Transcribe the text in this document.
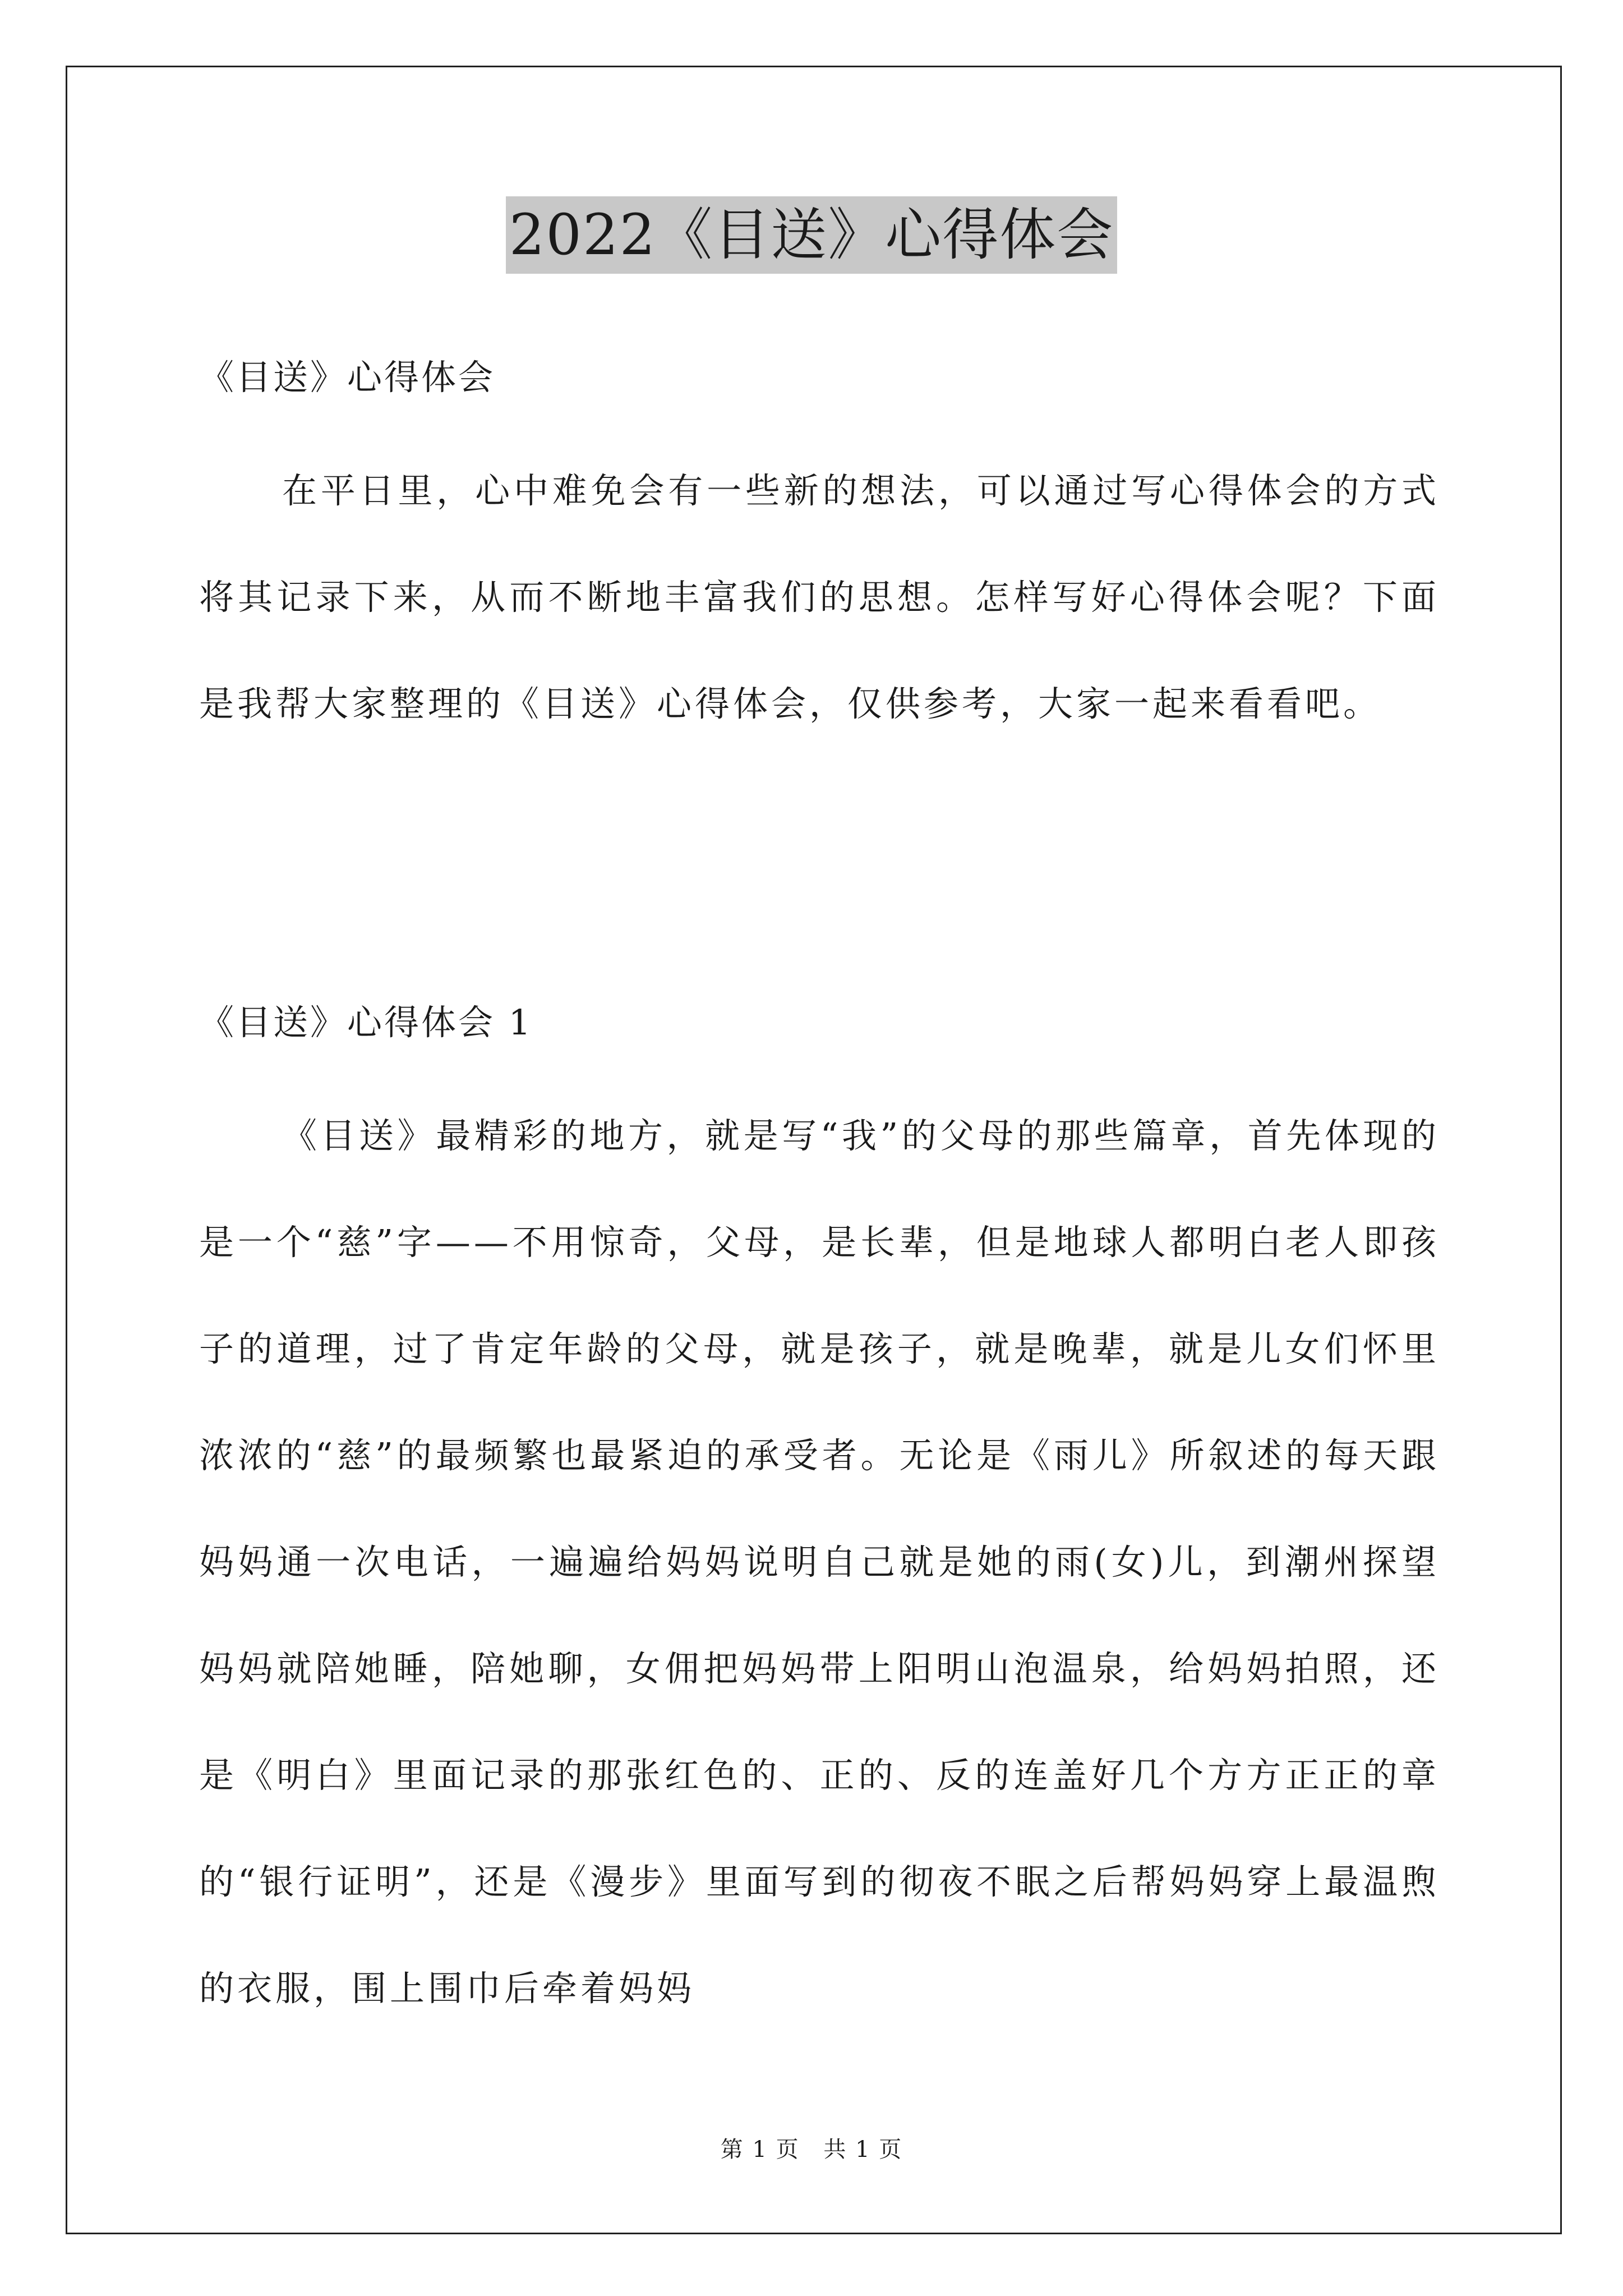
2022《目送》心得体会
《目送》心得体会
在平日里，心中难免会有一些新的想法，可以通过写心得体会的方式将其记录下来，从而不断地丰富我们的思想。怎样写好心得体会呢？下面是我帮大家整理的《目送》心得体会，仅供参考，大家一起来看看吧。
《目送》心得体会 1
《目送》最精彩的地方，就是写“我”的父母的那些篇章，首先体现的是一个“慈”字——不用惊奇，父母，是长辈，但是地球人都明白老人即孩子的道理，过了肯定年龄的父母，就是孩子，就是晚辈，就是儿女们怀里浓浓的“慈”的最频繁也最紧迫的承受者。无论是《雨儿》所叙述的每天跟妈妈通一次电话，一遍遍给妈妈说明自己就是她的雨(女)儿，到潮州探望妈妈就陪她睡，陪她聊，女佣把妈妈带上阳明山泡温泉，给妈妈拍照，还是《明白》里面记录的那张红色的、正的、反的连盖好几个方方正正的章的“银行证明”，还是《漫步》里面写到的彻夜不眠之后帮妈妈穿上最温煦的衣服，围上围巾后牵着妈妈
第 1 页 共 1 页
